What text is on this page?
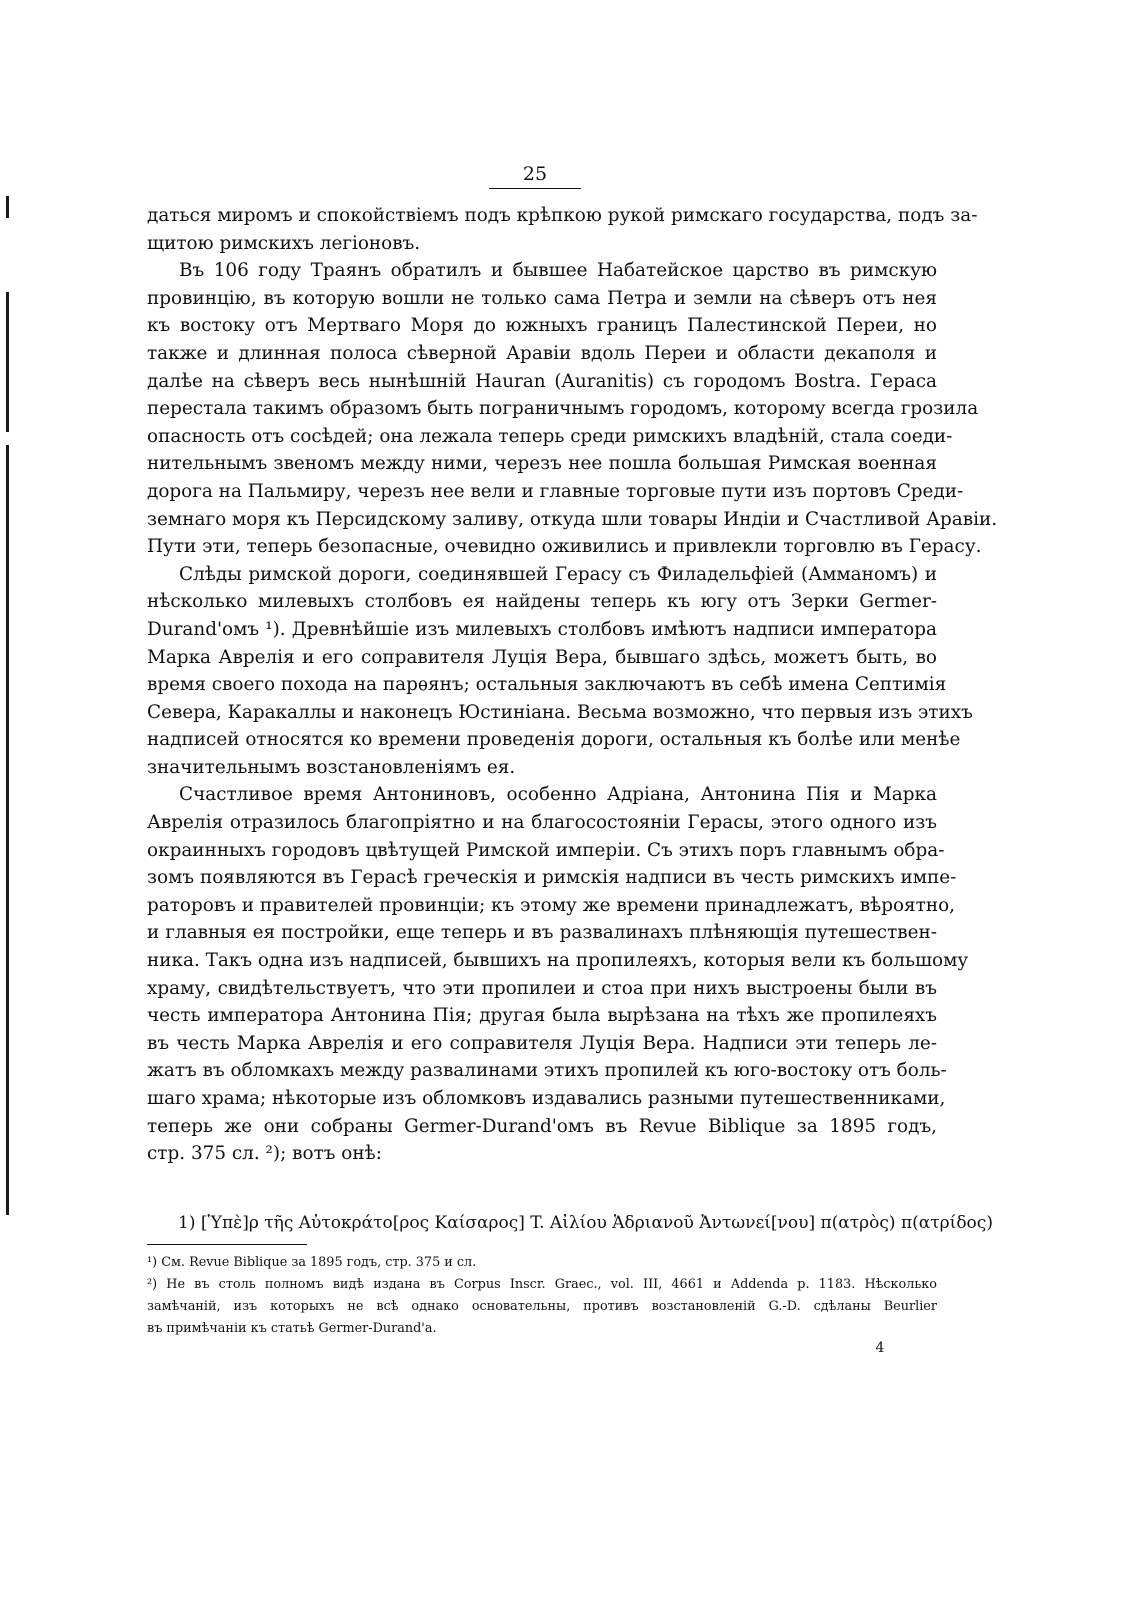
25

даться миромъ и спокойствіемъ подъ крѣпкою рукой римскаго государства, подъ за-
щитою римскихъ легіоновъ.

Въ 106 году Траянъ обратилъ и бывшее Набатейское царство въ римскую
провинцію, въ которую вошли не только сама Петра и земли на сѣверъ отъ нея
къ востоку отъ Мертваго Моря до южныхъ границъ Палестинской Переи, но
также и длинная полоса сѣверной Аравіи вдоль Переи и области декаполя и
далѣе на сѣверъ весь нынѣшній Hauran (Auranitis) съ городомъ Bostra. Гераса
перестала такимъ образомъ быть пограничнымъ городомъ, которому всегда грозила
опасность отъ сосѣдей; она лежала теперь среди римскихъ владѣній, стала соеди-
нительнымъ звеномъ между ними, черезъ нее пошла большая Римская военная
дорога на Пальмиру, черезъ нее вели и главные торговые пути изъ портовъ Среди-
земнаго моря къ Персидскому заливу, откуда шли товары Индіи и Счастливой Аравіи.
Пути эти, теперь безопасные, очевидно оживились и привлекли торговлю въ Герасу.

Слѣды римской дороги, соединявшей Герасу съ Филадельфіей (Амманомъ) и
нѣсколько милевыхъ столбовъ ея найдены теперь къ югу отъ Зерки Germer-
Durand'омъ ¹). Древнѣйшіе изъ милевыхъ столбовъ имѣютъ надписи императора
Марка Аврелія и его соправителя Луція Вера, бывшаго здѣсь, можетъ быть, во
время своего похода на парѳянъ; остальныя заключаютъ въ себѣ имена Септимія
Севера, Каракаллы и наконецъ Юстиніана. Весьма возможно, что первыя изъ этихъ
надписей относятся ко времени проведенія дороги, остальныя къ болѣе или менѣе
значительнымъ возстановленіямъ ея.

Счастливое время Антониновъ, особенно Адріана, Антонина Пія и Марка
Аврелія отразилось благопріятно и на благосостояніи Герасы, этого одного изъ
окраинныхъ городовъ цвѣтущей Римской имперіи. Съ этихъ поръ главнымъ обра-
зомъ появляются въ Герасѣ греческія и римскія надписи въ честь римскихъ импе-
раторовъ и правителей провинціи; къ этому же времени принадлежатъ, вѣроятно,
и главныя ея постройки, еще теперь и въ развалинахъ плѣняющія путешествен-
ника. Такъ одна изъ надписей, бывшихъ на пропилеяхъ, которыя вели къ большому
храму, свидѣтельствуетъ, что эти пропилеи и стоа при нихъ выстроены были въ
честь императора Антонина Пія; другая была вырѣзана на тѣхъ же пропилеяхъ
въ честь Марка Аврелія и его соправителя Луція Вера. Надписи эти теперь ле-
жатъ въ обломкахъ между развалинами этихъ пропилей къ юго-востоку отъ боль-
шаго храма; нѣкоторые изъ обломковъ издавались разными путешественниками,
теперь же они собраны Germer-Durand'омъ въ Revue Biblique за 1895 годъ,
стр. 375 сл. ²); вотъ онѣ:

1) [Ὑπὲ]ρ τῆς Αὐτοκράτο[ρος Καίσαρος] T. Αἰλίου Ἁδριανοῦ Ἀντωνεί[νου] π(ατρὸς) π(ατρίδος)
¹) См. Revue Biblique за 1895 годъ, стр. 375 и сл.
²) Не въ столь полномъ видѣ издана въ Corpus Inscr. Graec., vol. III, 4661 и Addenda p. 1183. Нѣсколько
замѣчаній, изъ которыхъ не всѣ однако основательны, противъ возстановленій G.-D. сдѣланы Beurlier
въ примѣчаніи къ статьѣ Germer-Durand'а.
4
